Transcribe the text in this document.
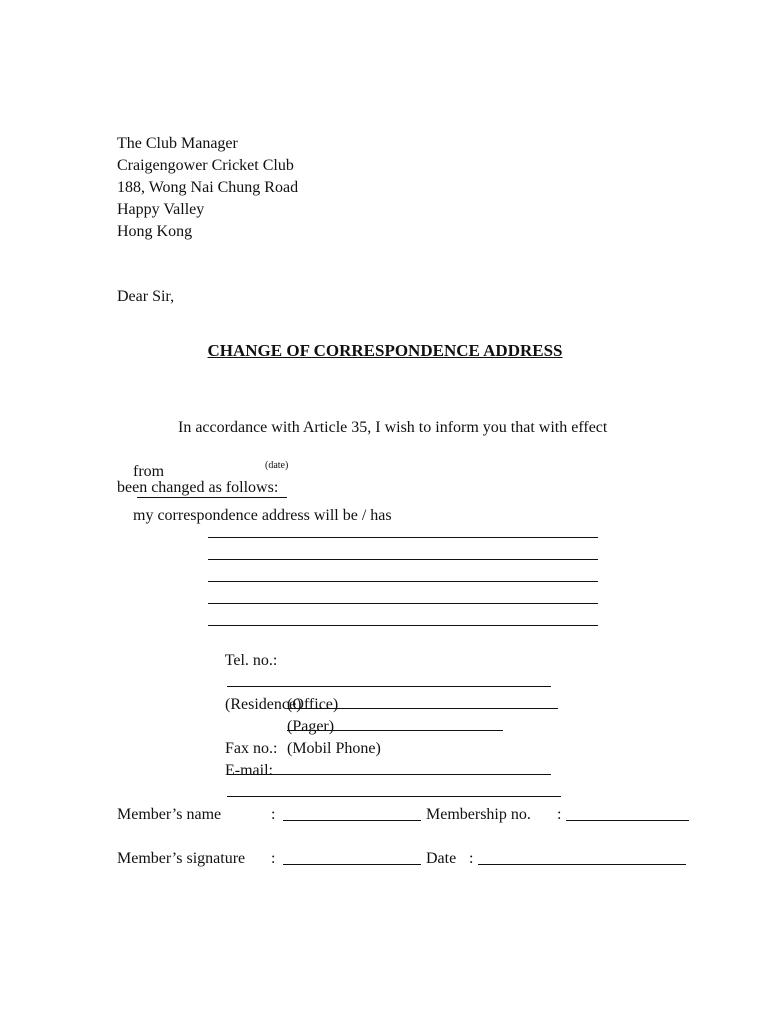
The Club Manager
Craigengower Cricket Club
188, Wong Nai Chung Road
Happy Valley
Hong Kong
Dear Sir,
CHANGE OF CORRESPONDENCE ADDRESS
In accordance with Article 35, I wish to inform you that with effect

from

my correspondence address will be / has

(date)
been changed as follows:

Tel. no.:

(Residence)

(Office)

(Pager)

(Mobil Phone)

Fax no.:

E-mail:

Member’s name	:	Membership no. :
Member’s signature :	Date :
